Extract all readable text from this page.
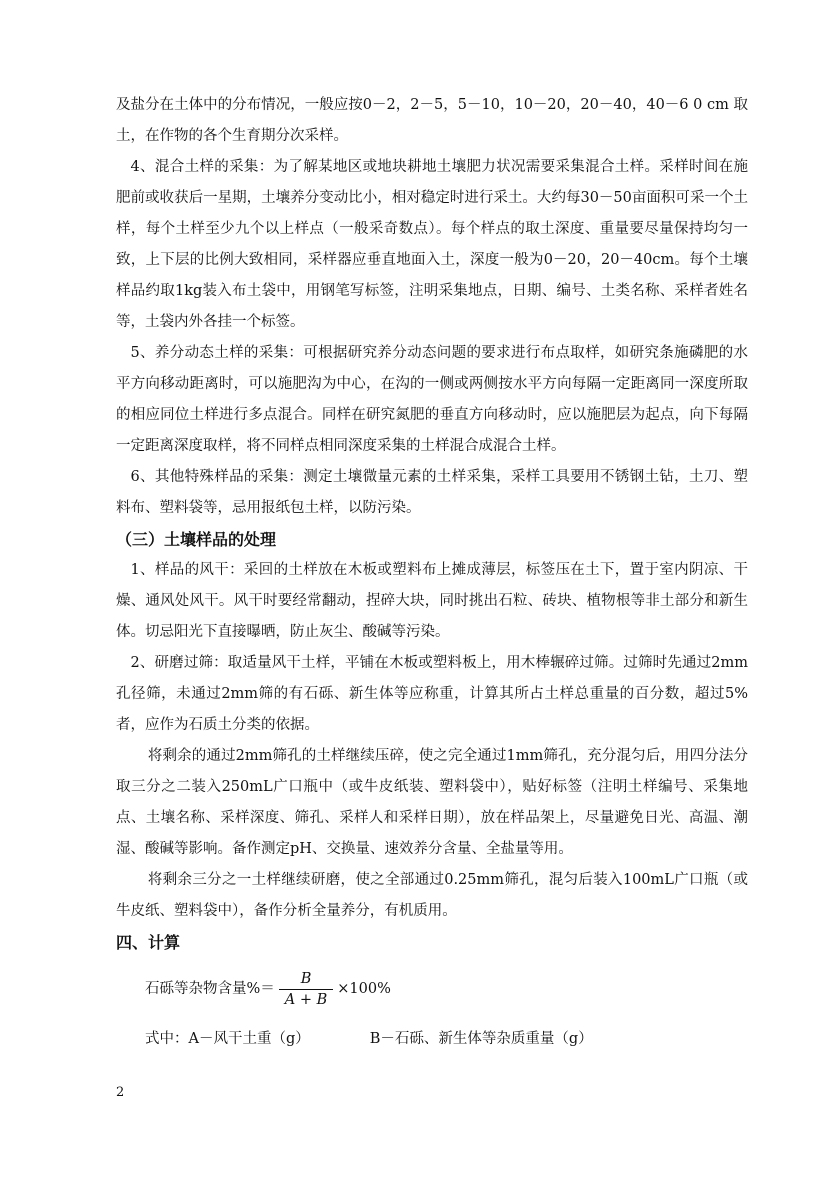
及盐分在土体中的分布情况，一般应按0－2，2－5，5－10，10－20，20－40，40－6 0 cm 取土，在作物的各个生育期分次采样。

4、混合土样的采集：为了解某地区或地块耕地土壤肥力状况需要采集混合土样。采样时间在施肥前或收获后一星期，土壤养分变动比小，相对稳定时进行采土。大约每30－50亩面积可采一个土样，每个土样至少九个以上样点（一般采奇数点）。每个样点的取土深度、重量要尽量保持均匀一致，上下层的比例大致相同，采样器应垂直地面入土，深度一般为0－20，20－40cm。每个土壤样品约取1kg装入布土袋中，用钢笔写标签，注明采集地点，日期、编号、土类名称、采样者姓名等，土袋内外各挂一个标签。

5、养分动态土样的采集：可根据研究养分动态问题的要求进行布点取样，如研究条施磷肥的水平方向移动距离时，可以施肥沟为中心，在沟的一侧或两侧按水平方向每隔一定距离同一深度所取的相应同位土样进行多点混合。同样在研究氮肥的垂直方向移动时，应以施肥层为起点，向下每隔一定距离深度取样，将不同样点相同深度采集的土样混合成混合土样。

6、其他特殊样品的采集：测定土壤微量元素的土样采集，采样工具要用不锈钢土钻，土刀、塑料布、塑料袋等，忌用报纸包土样，以防污染。

（三）土壤样品的处理

1、样品的风干：采回的土样放在木板或塑料布上摊成薄层，标签压在土下，置于室内阴凉、干燥、通风处风干。风干时要经常翻动，捏碎大块，同时挑出石粒、砖块、植物根等非土部分和新生体。切忌阳光下直接曝晒，防止灰尘、酸碱等污染。

2、研磨过筛：取适量风干土样，平铺在木板或塑料板上，用木棒辗碎过筛。过筛时先通过2mm孔径筛，未通过2mm筛的有石砾、新生体等应称重，计算其所占土样总重量的百分数，超过5%者，应作为石质土分类的依据。

将剩余的通过2mm筛孔的土样继续压碎，使之完全通过1mm筛孔，充分混匀后，用四分法分取三分之二装入250mL广口瓶中（或牛皮纸装、塑料袋中），贴好标签（注明土样编号、采集地点、土壤名称、采样深度、筛孔、采样人和采样日期），放在样品架上，尽量避免日光、高温、潮湿、酸碱等影响。备作测定pH、交换量、速效养分含量、全盐量等用。

将剩余三分之一土样继续研磨，使之全部通过0.25mm筛孔，混匀后装入100mL广口瓶（或牛皮纸、塑料袋中），备作分析全量养分，有机质用。

四、计算

石砾等杂物含量%＝ $\frac{B}{A + B} \times 100\%$
式中：A－风干土重（g）	B－石砾、新生体等杂质重量（g）
2
